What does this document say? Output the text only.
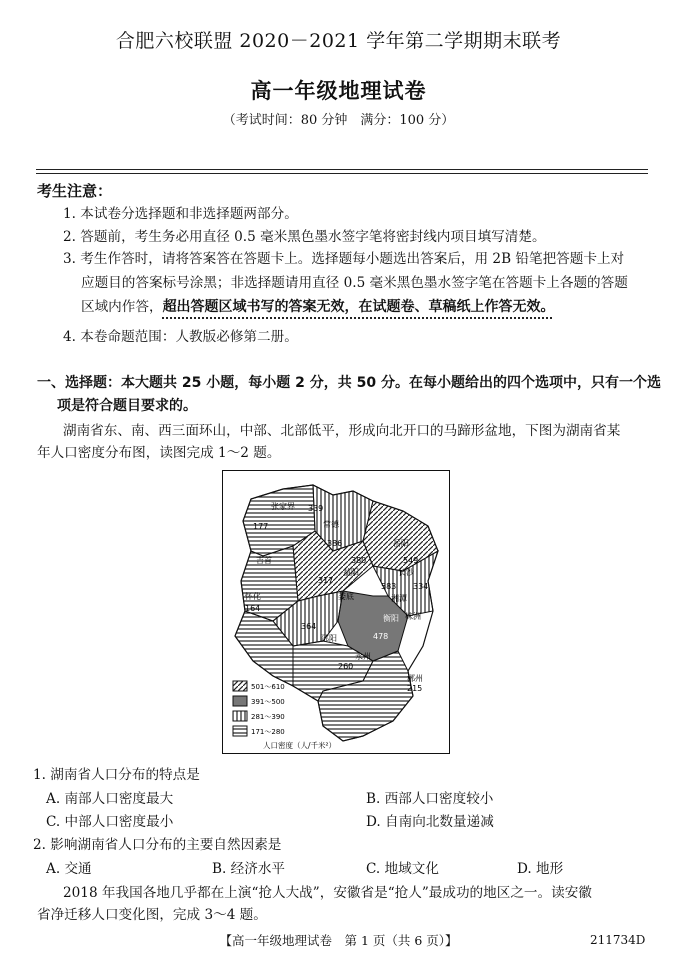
合肥六校联盟 2020－2021 学年第二学期期末联考
高一年级地理试卷
（考试时间：80 分钟　满分：100 分）
考生注意：
1. 本试卷分选择题和非选择题两部分。
2. 答题前，考生务必用直径 0.5 毫米黑色墨水签字笔将密封线内项目填写清楚。
3. 考生作答时，请将答案答在答题卡上。选择题每小题选出答案后，用 2B 铅笔把答题卡上对
应题目的答案标号涂黑；非选择题请用直径 0.5 毫米黑色墨水签字笔在答题卡上各题的答题
区域内作答，超出答题区域书写的答案无效，在试题卷、草稿纸上作答无效。
4. 本卷命题范围：人教版必修第二册。
一、选择题：本大题共 25 小题，每小题 2 分，共 50 分。在每小题给出的四个选项中，只有一个选
项是符合题目要求的。
湖南省东、南、西三面环山，中部、北部低平，形成向北开口的马蹄形盆地，下图为湖南省某
年人口密度分布图，读图完成 1～2 题。
339
177
张家界
常德
386
吉首	380
岳阳
549
怀化
164
317
益阳
583
长沙
湘潭
334
364
娄底
478
衡阳 株洲
邵阳
260
永州
郴州
215
501～610
391～500
281～390
171～280
人口密度（人/千米²）
1. 湖南省人口分布的特点是
A. 南部人口密度最大	B. 西部人口密度较小
C. 中部人口密度最小	D. 自南向北数量递减
2. 影响湖南省人口分布的主要自然因素是
A. 交通	B. 经济水平	C. 地域文化	D. 地形
2018 年我国各地几乎都在上演“抢人大战”，安徽省是“抢人”最成功的地区之一。读安徽
省净迁移人口变化图，完成 3～4 题。
【高一年级地理试卷　第 1 页（共 6 页）】	211734D
